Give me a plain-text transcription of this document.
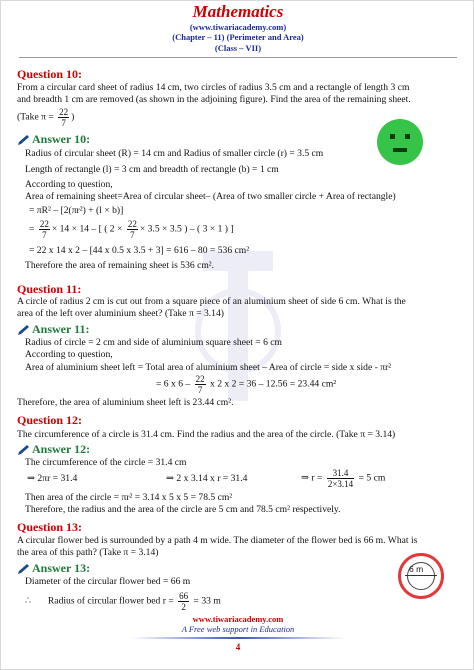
Mathematics
(www.tiwariacademy.com)
(Chapter – 11) (Perimeter and Area)
(Class – VII)
Question 10:
From a circular card sheet of radius 14 cm, two circles of radius 3.5 cm and a rectangle of length 3 cm
and breadth 1 cm are removed (as shown in the adjoining figure). Find the area of the remaining sheet.
(Take $\pi = \frac{22}{7}$ )
Answer 10:
Radius of circular sheet (R) = 14 cm and Radius of smaller circle (r) = 3.5 cm
Length of rectangle (l) = 3 cm and breadth of rectangle (b) = 1 cm
According to question,
Area of remaining sheet=Area of circular sheet– (Area of two smaller circle + Area of rectangle)
= πR² – [2(πr²) + (l × b)]
= $\frac{22}{7} \times 14 \times 14$ – [ ( $2 \times \frac{22}{7} \times 3.5 \times 3.5$ ) – ( 3 × 1 ) ]
= 22 x 14 x 2 – [44 x 0.5 x 3.5 + 3] = 616 – 80 = 536 cm²
Therefore the area of remaining sheet is 536 cm².
Question 11:
A circle of radius 2 cm is cut out from a square piece of an aluminium sheet of side 6 cm. What is the
area of the left over aluminium sheet? (Take π = 3.14)
Answer 11:
Radius of circle = 2 cm and side of aluminium square sheet = 6 cm
According to question,
Area of aluminium sheet left = Total area of aluminium sheet – Area of circle = side x side - πr²
= 6 x $6 - \frac{22}{7}$ x 2 x 2 = 36 – 12.56 = 23.44 cm²
Therefore, the area of aluminium sheet left is 23.44 cm².
Question 12:
The circumference of a circle is 31.4 cm. Find the radius and the area of the circle. (Take π = 3.14)
Answer 12:
The circumference of the circle = 31.4 cm
⇒ 2πr = 31.4	⇒ 2 x 3.14 x r = 31.4	⇒ $r = \frac{31.4}{2\times 3.14} = 5$ cm
Then area of the circle = πr² = 3.14 x 5 x 5 = 78.5 cm²
Therefore, the radius and the area of the circle are 5 cm and 78.5 cm² respectively.
Question 13:
A circular flower bed is surrounded by a path 4 m wide. The diameter of the flower bed is 66 m. What is
the area of this path? (Take π = 3.14)
Answer 13:
Diameter of the circular flower bed = 66 m
∴ Radius of circular flower bed $r = \frac{66}{2} = 33$ m
6 m
www.tiwariacademy.com
A Free web support in Education
4
